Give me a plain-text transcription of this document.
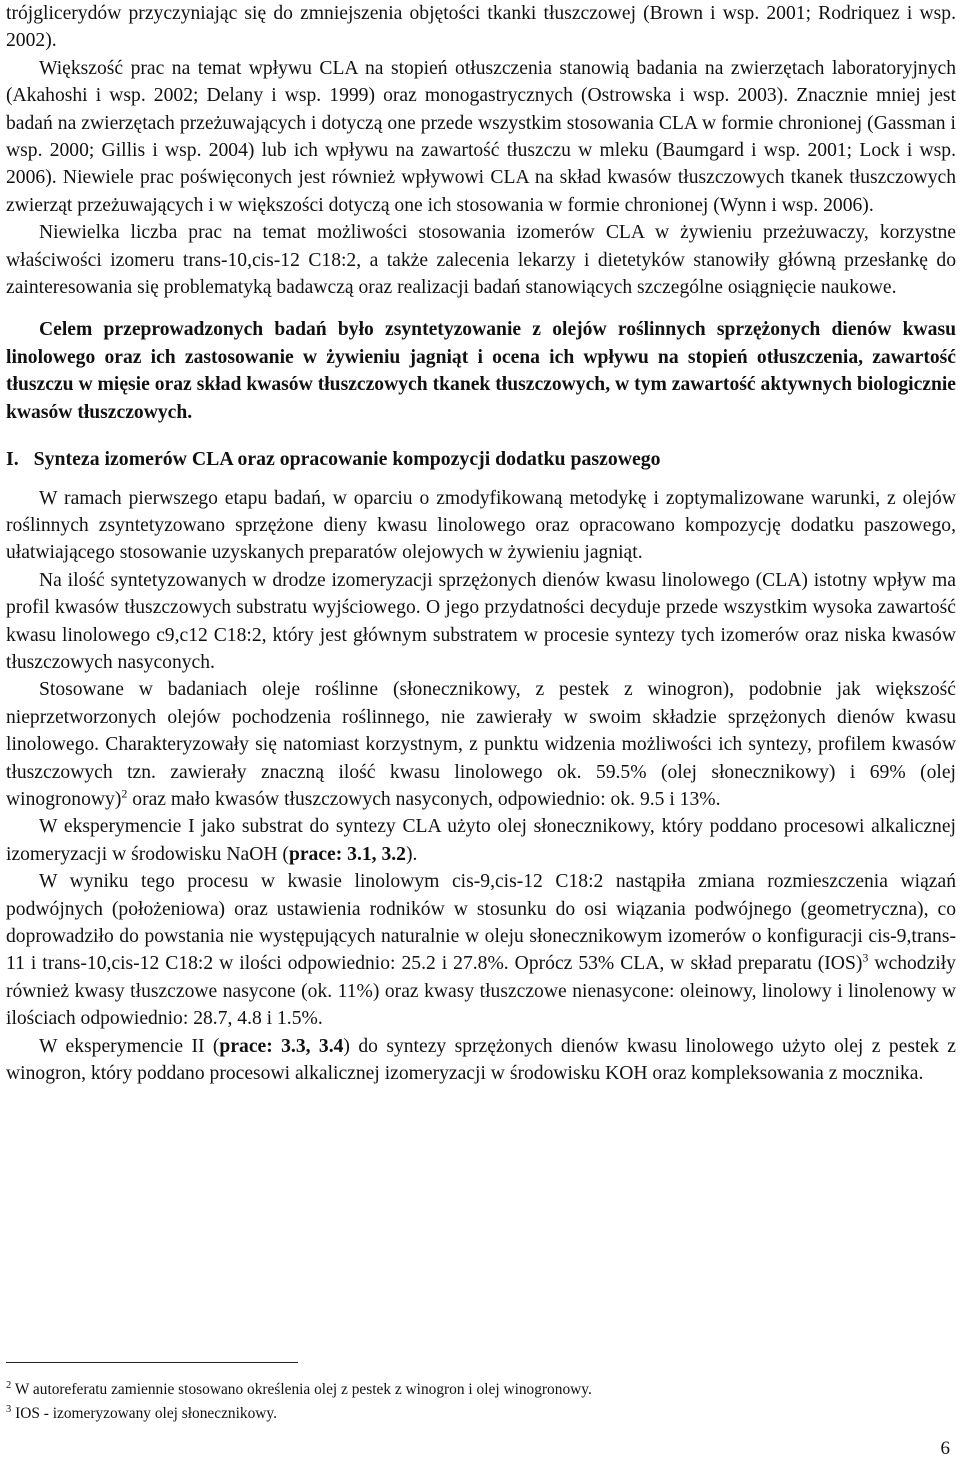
trójglicerydów przyczyniając się do zmniejszenia objętości tkanki tłuszczowej (Brown i wsp. 2001; Rodriquez i wsp. 2002).

Większość prac na temat wpływu CLA na stopień otłuszczenia stanowią badania na zwierzętach laboratoryjnych (Akahoshi i wsp. 2002; Delany i wsp. 1999) oraz monogastrycznych (Ostrowska i wsp. 2003). Znacznie mniej jest badań na zwierzętach przeżuwających i dotyczą one przede wszystkim stosowania CLA w formie chronionej (Gassman i wsp. 2000; Gillis i wsp. 2004) lub ich wpływu na zawartość tłuszczu w mleku (Baumgard i wsp. 2001; Lock i wsp. 2006). Niewiele prac poświęconych jest również wpływowi CLA na skład kwasów tłuszczowych tkanek tłuszczowych zwierząt przeżuwających i w większości dotyczą one ich stosowania w formie chronionej (Wynn i wsp. 2006).

Niewielka liczba prac na temat możliwości stosowania izomerów CLA w żywieniu przeżuwaczy, korzystne właściwości izomeru trans-10,cis-12 C18:2, a także zalecenia lekarzy i dietetyków stanowiły główną przesłankę do zainteresowania się problematyką badawczą oraz realizacji badań stanowiących szczególne osiągnięcie naukowe.

Celem przeprowadzonych badań było zsyntetyzowanie z olejów roślinnych sprzężonych dienów kwasu linolowego oraz ich zastosowanie w żywieniu jagniąt i ocena ich wpływu na stopień otłuszczenia, zawartość tłuszczu w mięsie oraz skład kwasów tłuszczowych tkanek tłuszczowych, w tym zawartość aktywnych biologicznie kwasów tłuszczowych.

I. Synteza izomerów CLA oraz opracowanie kompozycji dodatku paszowego

W ramach pierwszego etapu badań, w oparciu o zmodyfikowaną metodykę i zoptymalizowane warunki, z olejów roślinnych zsyntetyzowano sprzężone dieny kwasu linolowego oraz opracowano kompozycję dodatku paszowego, ułatwiającego stosowanie uzyskanych preparatów olejowych w żywieniu jagniąt.

Na ilość syntetyzowanych w drodze izomeryzacji sprzężonych dienów kwasu linolowego (CLA) istotny wpływ ma profil kwasów tłuszczowych substratu wyjściowego. O jego przydatności decyduje przede wszystkim wysoka zawartość kwasu linolowego c9,c12 C18:2, który jest głównym substratem w procesie syntezy tych izomerów oraz niska kwasów tłuszczowych nasyconych.

Stosowane w badaniach oleje roślinne (słonecznikowy, z pestek z winogron), podobnie jak większość nieprzetworzonych olejów pochodzenia roślinnego, nie zawierały w swoim składzie sprzężonych dienów kwasu linolowego. Charakteryzowały się natomiast korzystnym, z punktu widzenia możliwości ich syntezy, profilem kwasów tłuszczowych tzn. zawierały znaczną ilość kwasu linolowego ok. 59.5% (olej słonecznikowy) i 69% (olej winogronowy)$^2$ oraz mało kwasów tłuszczowych nasyconych, odpowiednio: ok. 9.5 i 13%.

W eksperymencie I jako substrat do syntezy CLA użyto olej słonecznikowy, który poddano procesowi alkalicznej izomeryzacji w środowisku NaOH (prace: 3.1, 3.2).

W wyniku tego procesu w kwasie linolowym cis-9,cis-12 C18:2 nastąpiła zmiana rozmieszczenia wiązań podwójnych (położeniowa) oraz ustawienia rodników w stosunku do osi wiązania podwójnego (geometryczna), co doprowadziło do powstania nie występujących naturalnie w oleju słonecznikowym izomerów o konfiguracji cis-9,trans-11 i trans-10,cis-12 C18:2 w ilości odpowiednio: 25.2 i 27.8%. Oprócz 53% CLA, w skład preparatu (IOS)$^3$ wchodziły również kwasy tłuszczowe nasycone (ok. 11%) oraz kwasy tłuszczowe nienasycone: oleinowy, linolowy i linolenowy w ilościach odpowiednio: 28.7, 4.8 i 1.5%.

W eksperymencie II (prace: 3.3, 3.4) do syntezy sprzężonych dienów kwasu linolowego użyto olej z pestek z winogron, który poddano procesowi alkalicznej izomeryzacji w środowisku KOH oraz kompleksowania z mocznika.

$^2$ W autoreferatu zamiennie stosowano określenia olej z pestek z winogron i olej winogronowy.
$^3$ IOS - izomeryzowany olej słonecznikowy.
6
